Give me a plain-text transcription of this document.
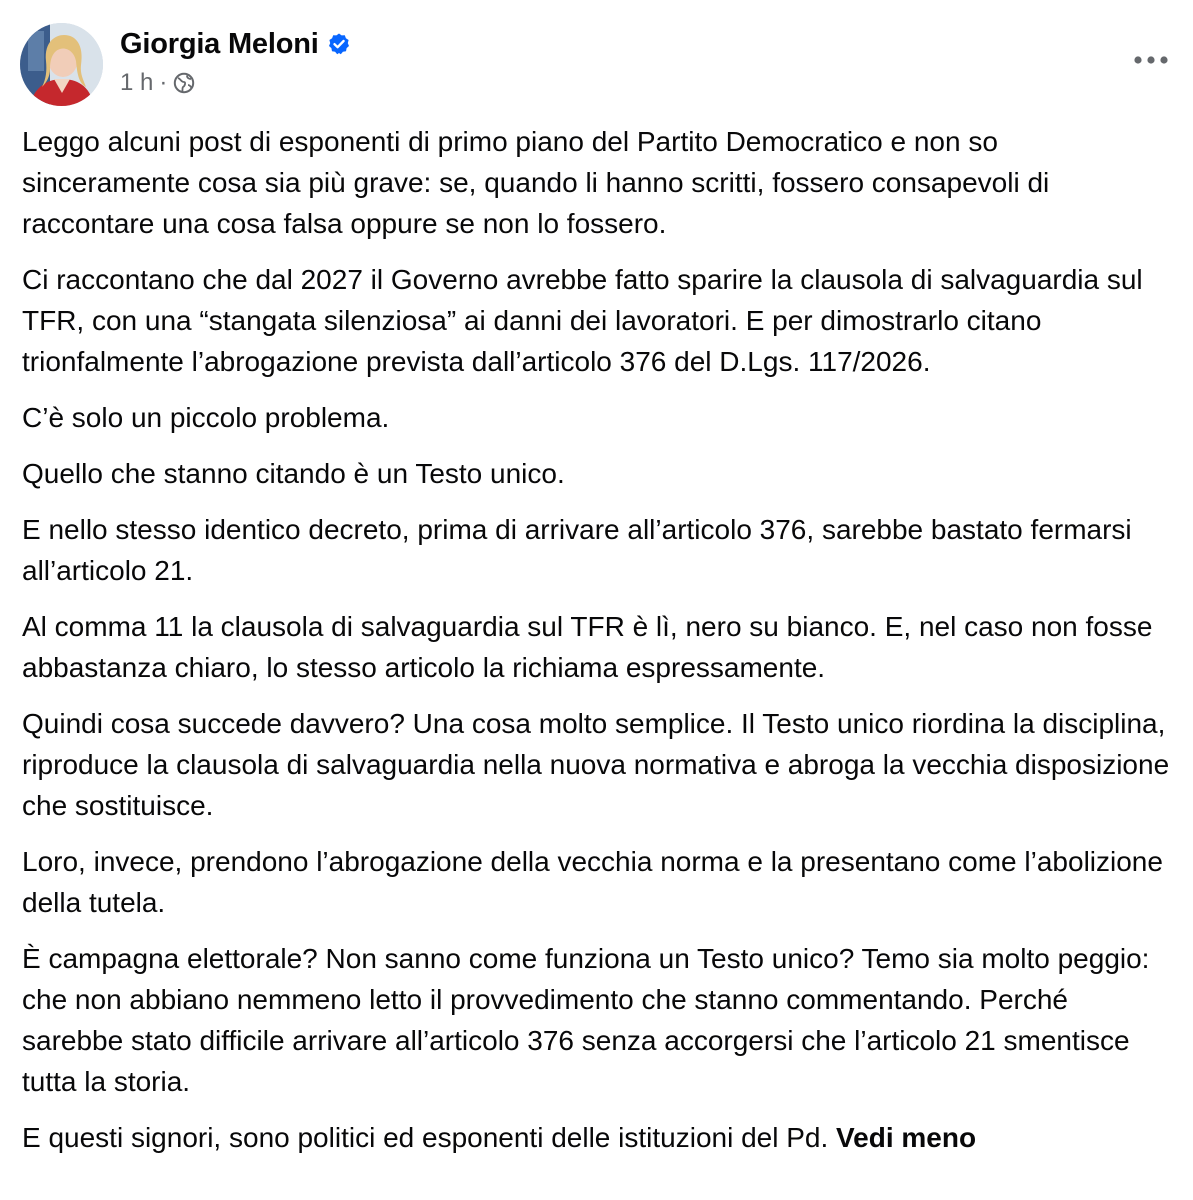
Giorgia Meloni
1 h ·

Leggo alcuni post di esponenti di primo piano del Partito Democratico e non so sinceramente cosa sia più grave: se, quando li hanno scritti, fossero consapevoli di raccontare una cosa falsa oppure se non lo fossero.

Ci raccontano che dal 2027 il Governo avrebbe fatto sparire la clausola di salvaguardia sul TFR, con una “stangata silenziosa” ai danni dei lavoratori. E per dimostrarlo citano trionfalmente l’abrogazione prevista dall’articolo 376 del D.Lgs. 117/2026.

C’è solo un piccolo problema.

Quello che stanno citando è un Testo unico.

E nello stesso identico decreto, prima di arrivare all’articolo 376, sarebbe bastato fermarsi all’articolo 21.

Al comma 11 la clausola di salvaguardia sul TFR è lì, nero su bianco. E, nel caso non fosse abbastanza chiaro, lo stesso articolo la richiama espressamente.

Quindi cosa succede davvero? Una cosa molto semplice. Il Testo unico riordina la disciplina, riproduce la clausola di salvaguardia nella nuova normativa e abroga la vecchia disposizione che sostituisce.

Loro, invece, prendono l’abrogazione della vecchia norma e la presentano come l’abolizione della tutela.

È campagna elettorale? Non sanno come funziona un Testo unico? Temo sia molto peggio: che non abbiano nemmeno letto il provvedimento che stanno commentando. Perché sarebbe stato difficile arrivare all’articolo 376 senza accorgersi che l’articolo 21 smentisce tutta la storia.

E questi signori, sono politici ed esponenti delle istituzioni del Pd. Vedi meno
